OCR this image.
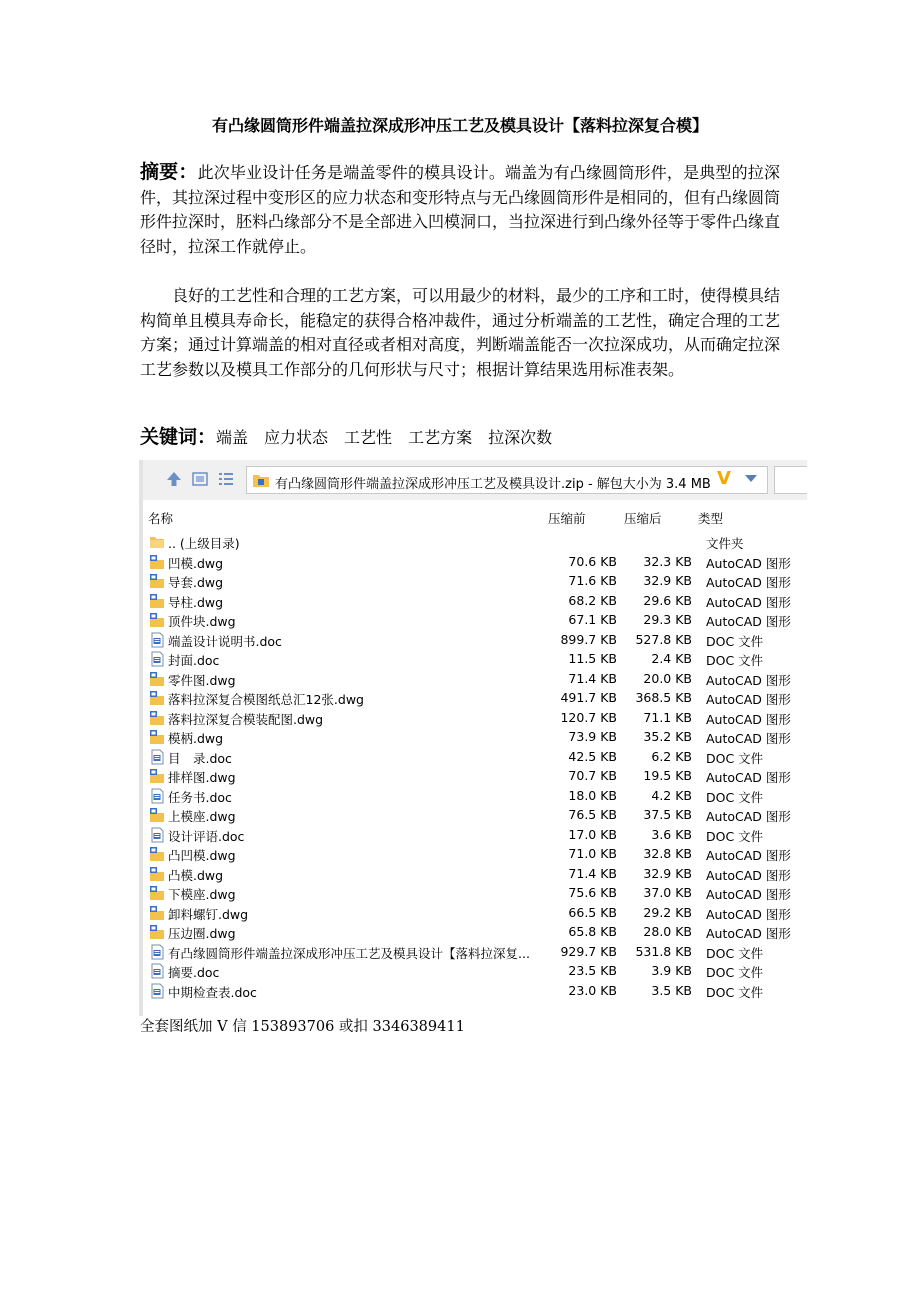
有凸缘圆筒形件端盖拉深成形冲压工艺及模具设计【落料拉深复合模】
摘要：此次毕业设计任务是端盖零件的模具设计。端盖为有凸缘圆筒形件，是典型的拉深件，其拉深过程中变形区的应力状态和变形特点与无凸缘圆筒形件是相同的，但有凸缘圆筒形件拉深时，胚料凸缘部分不是全部进入凹模洞口，当拉深进行到凸缘外径等于零件凸缘直径时，拉深工作就停止。
良好的工艺性和合理的工艺方案，可以用最少的材料，最少的工序和工时，使得模具结构简单且模具寿命长，能稳定的获得合格冲裁件，通过分析端盖的工艺性，确定合理的工艺方案；通过计算端盖的相对直径或者相对高度，判断端盖能否一次拉深成功，从而确定拉深工艺参数以及模具工作部分的几何形状与尺寸；根据计算结果选用标准表架。
关键词：端盖 应力状态 工艺性 工艺方案 拉深次数
有凸缘圆筒形件端盖拉深成形冲压工艺及模具设计.zip - 解包大小为 3.4 MB V
名称	压缩前	压缩后	类型
.. (上级目录)	文件夹
凹模.dwg	70.6 KB 32.3 KB AutoCAD 图形
导套.dwg	71.6 KB 32.9 KB AutoCAD 图形
导柱.dwg	68.2 KB 29.6 KB AutoCAD 图形
顶件块.dwg	67.1 KB 29.3 KB AutoCAD 图形
端盖设计说明书.doc	899.7 KB 527.8 KB DOC 文件
封面.doc	11.5 KB	2.4 KB DOC 文件
零件图.dwg	71.4 KB 20.0 KB AutoCAD 图形
落料拉深复合模图纸总汇12张.dwg	491.7 KB 368.5 KB AutoCAD 图形
落料拉深复合模装配图.dwg	120.7 KB 71.1 KB AutoCAD 图形
模柄.dwg	73.9 KB 35.2 KB AutoCAD 图形
目　录.doc	42.5 KB	6.2 KB DOC 文件
排样图.dwg	70.7 KB 19.5 KB AutoCAD 图形
任务书.doc	18.0 KB	4.2 KB DOC 文件
上模座.dwg	76.5 KB 37.5 KB AutoCAD 图形
设计评语.doc	17.0 KB	3.6 KB DOC 文件
凸凹模.dwg	71.0 KB 32.8 KB AutoCAD 图形
凸模.dwg	71.4 KB 32.9 KB AutoCAD 图形
下模座.dwg	75.6 KB 37.0 KB AutoCAD 图形
卸料螺钉.dwg	66.5 KB 29.2 KB AutoCAD 图形
压边圈.dwg	65.8 KB 28.0 KB AutoCAD 图形
有凸缘圆筒形件端盖拉深成形冲压工艺及模具设计【落料拉深复... 929.7 KB 531.8 KB DOC 文件
摘要.doc	23.5 KB	3.9 KB DOC 文件
中期检查表.doc	23.0 KB	3.5 KB DOC 文件
全套图纸加 V 信 153893706 或扣 3346389411
